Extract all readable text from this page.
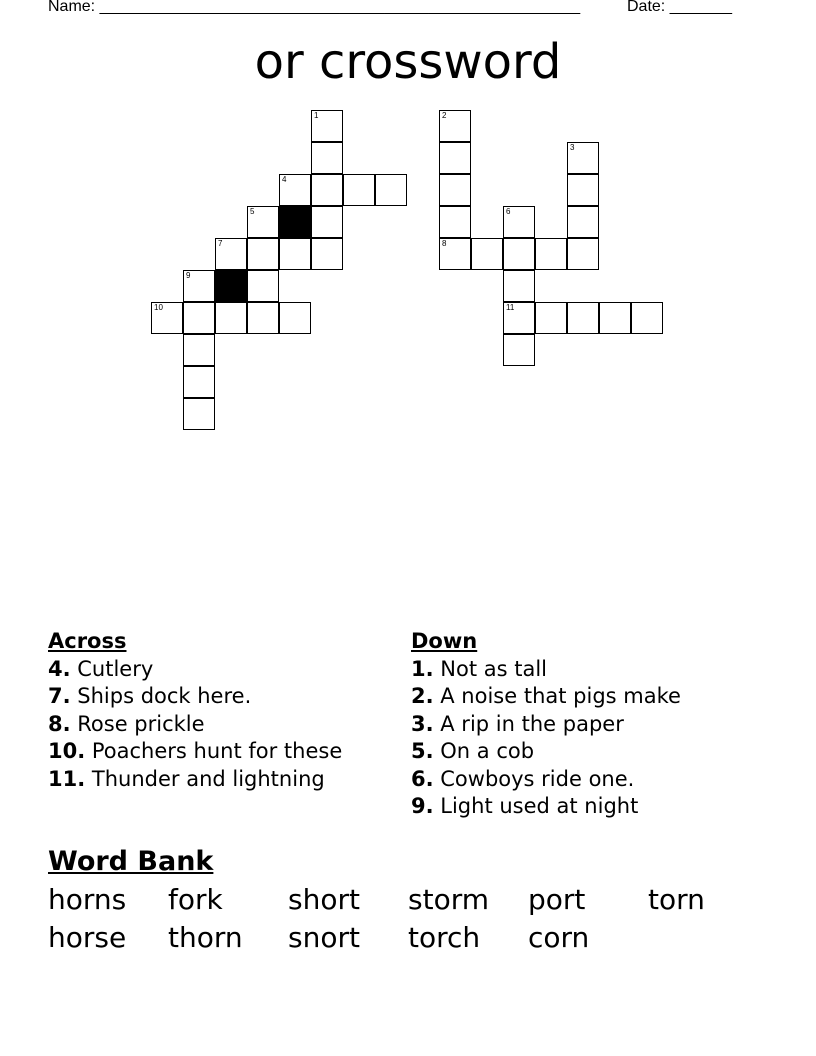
Name: ______________________________________________________	Date: _______
or crossword
1
4
5
7
9
10
2
3
6
8
11
Across
4. Cutlery
7. Ships dock here.
8. Rose prickle
10. Poachers hunt for these
11. Thunder and lightning
Down
1. Not as tall
2. A noise that pigs make
3. A rip in the paper
5. On a cob
6. Cowboys ride one.
9. Light used at night
Word Bank
horns fork short storm port torn
horse thorn snort torch corn
